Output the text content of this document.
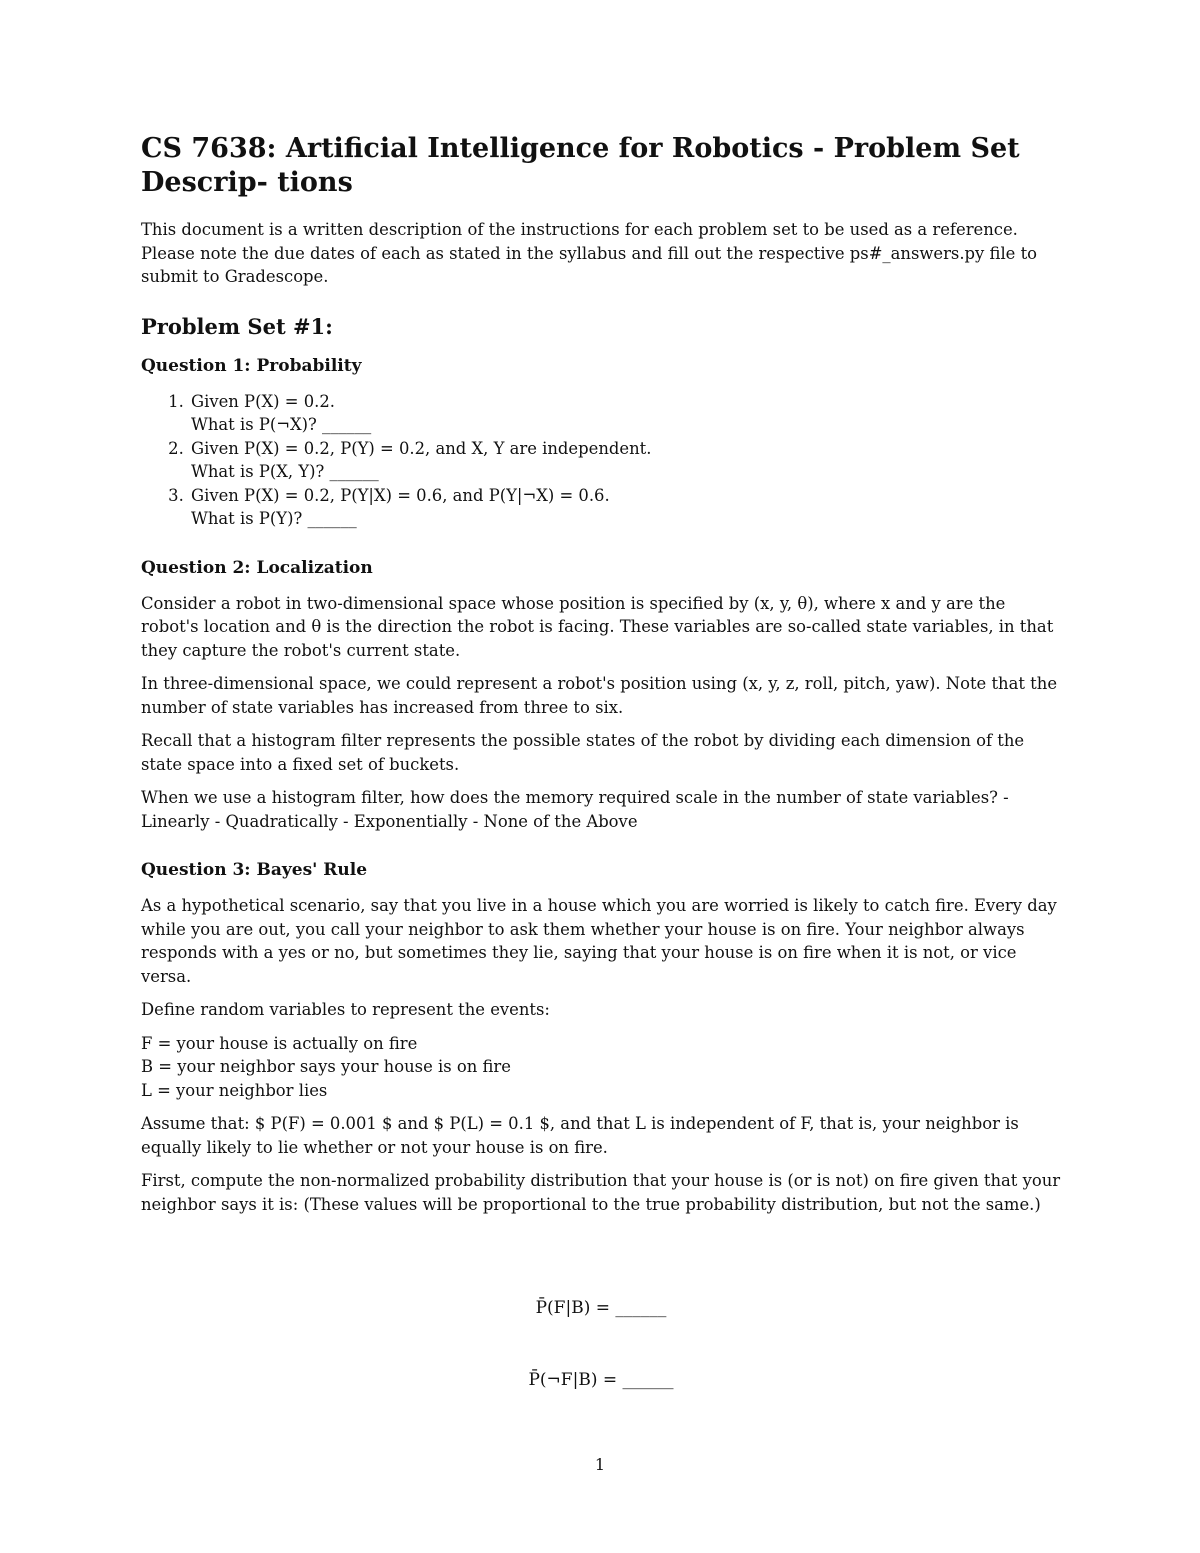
CS 7638: Artificial Intelligence for Robotics - Problem Set Descrip- tions

This document is a written description of the instructions for each problem set to be used as a reference. Please note the due dates of each as stated in the syllabus and fill out the respective ps#_answers.py file to submit to Gradescope.

Problem Set #1:
Question 1: Probability
1. Given P(X) = 0.2.
What is P(¬X)? ______
2. Given P(X) = 0.2, P(Y) = 0.2, and X, Y are independent.
What is P(X, Y)? ______
3. Given P(X) = 0.2, P(Y|X) = 0.6, and P(Y|¬X) = 0.6.
What is P(Y)? ______
Question 2: Localization

Consider a robot in two-dimensional space whose position is specified by (x, y, θ), where x and y are the robot's location and θ is the direction the robot is facing. These variables are so-called state variables, in that they capture the robot's current state.

In three-dimensional space, we could represent a robot's position using (x, y, z, roll, pitch, yaw). Note that the number of state variables has increased from three to six.

Recall that a histogram filter represents the possible states of the robot by dividing each dimension of the state space into a fixed set of buckets.

When we use a histogram filter, how does the memory required scale in the number of state variables? - Linearly - Quadratically - Exponentially - None of the Above

Question 3: Bayes' Rule

As a hypothetical scenario, say that you live in a house which you are worried is likely to catch fire. Every day while you are out, you call your neighbor to ask them whether your house is on fire. Your neighbor always responds with a yes or no, but sometimes they lie, saying that your house is on fire when it is not, or vice versa.

Define random variables to represent the events:

F = your house is actually on fire

B = your neighbor says your house is on fire

L = your neighbor lies

Assume that: $ P(F) = 0.001 $ and $ P(L) = 0.1 $, and that L is independent of F, that is, your neighbor is equally likely to lie whether or not your house is on fire.

First, compute the non-normalized probability distribution that your house is (or is not) on fire given that your neighbor says it is: (These values will be proportional to the true probability distribution, but not the same.)

P̄(F|B) = ______
P̄(¬F|B) = ______
1
